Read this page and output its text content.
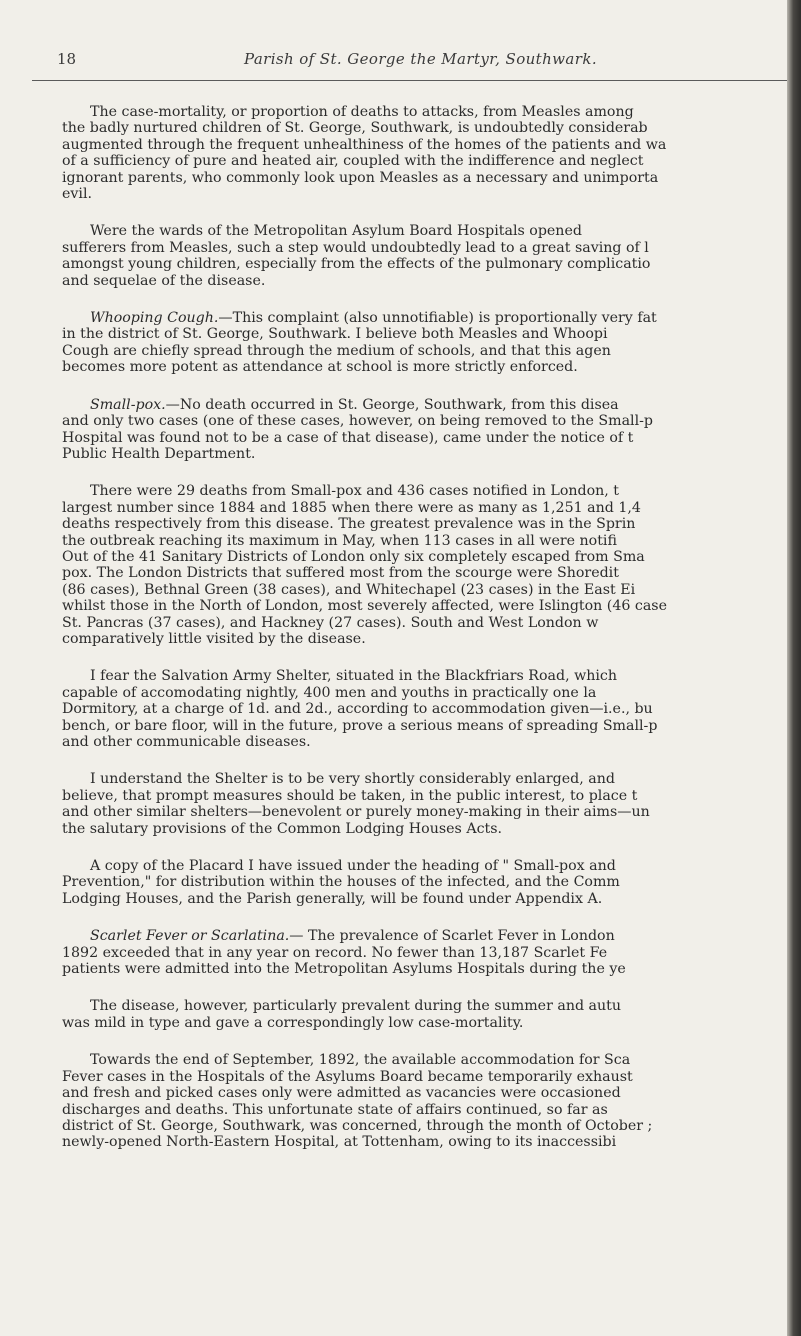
18	Parish of St. George the Martyr, Southwark.

The case-mortality, or proportion of deaths to attacks, from Measles among
the badly nurtured children of St. George, Southwark, is undoubtedly considerab
augmented through the frequent unhealthiness of the homes of the patients and wa
of a sufficiency of pure and heated air, coupled with the indifference and neglect
ignorant parents, who commonly look upon Measles as a necessary and unimporta
evil.

Were the wards of the Metropolitan Asylum Board Hospitals opened
sufferers from Measles, such a step would undoubtedly lead to a great saving of l
amongst young children, especially from the effects of the pulmonary complicatio
and sequelae of the disease.

Whooping Cough.—This complaint (also unnotifiable) is proportionally very fat
in the district of St. George, Southwark. I believe both Measles and Whoopi
Cough are chiefly spread through the medium of schools, and that this agen
becomes more potent as attendance at school is more strictly enforced.

Small-pox.—No death occurred in St. George, Southwark, from this disea
and only two cases (one of these cases, however, on being removed to the Small-p
Hospital was found not to be a case of that disease), came under the notice of t
Public Health Department.

There were 29 deaths from Small-pox and 436 cases notified in London, t
largest number since 1884 and 1885 when there were as many as 1,251 and 1,4
deaths respectively from this disease. The greatest prevalence was in the Sprin
the outbreak reaching its maximum in May, when 113 cases in all were notifi
Out of the 41 Sanitary Districts of London only six completely escaped from Sma
pox. The London Districts that suffered most from the scourge were Shoredit
(86 cases), Bethnal Green (38 cases), and Whitechapel (23 cases) in the East Ei
whilst those in the North of London, most severely affected, were Islington (46 case
St. Pancras (37 cases), and Hackney (27 cases). South and West London w
comparatively little visited by the disease.

I fear the Salvation Army Shelter, situated in the Blackfriars Road, which
capable of accomodating nightly, 400 men and youths in practically one la
Dormitory, at a charge of 1d. and 2d., according to accommodation given—i.e., bu
bench, or bare floor, will in the future, prove a serious means of spreading Small-p
and other communicable diseases.

I understand the Shelter is to be very shortly considerably enlarged, and
believe, that prompt measures should be taken, in the public interest, to place t
and other similar shelters—benevolent or purely money-making in their aims—un
the salutary provisions of the Common Lodging Houses Acts.

A copy of the Placard I have issued under the heading of " Small-pox and
Prevention," for distribution within the houses of the infected, and the Comm
Lodging Houses, and the Parish generally, will be found under Appendix A.

Scarlet Fever or Scarlatina.— The prevalence of Scarlet Fever in London
1892 exceeded that in any year on record. No fewer than 13,187 Scarlet Fe
patients were admitted into the Metropolitan Asylums Hospitals during the ye

The disease, however, particularly prevalent during the summer and autu
was mild in type and gave a correspondingly low case-mortality.

Towards the end of September, 1892, the available accommodation for Sca
Fever cases in the Hospitals of the Asylums Board became temporarily exhaust
and fresh and picked cases only were admitted as vacancies were occasioned
discharges and deaths. This unfortunate state of affairs continued, so far as
district of St. George, Southwark, was concerned, through the month of October ;
newly-opened North-Eastern Hospital, at Tottenham, owing to its inaccessibi
